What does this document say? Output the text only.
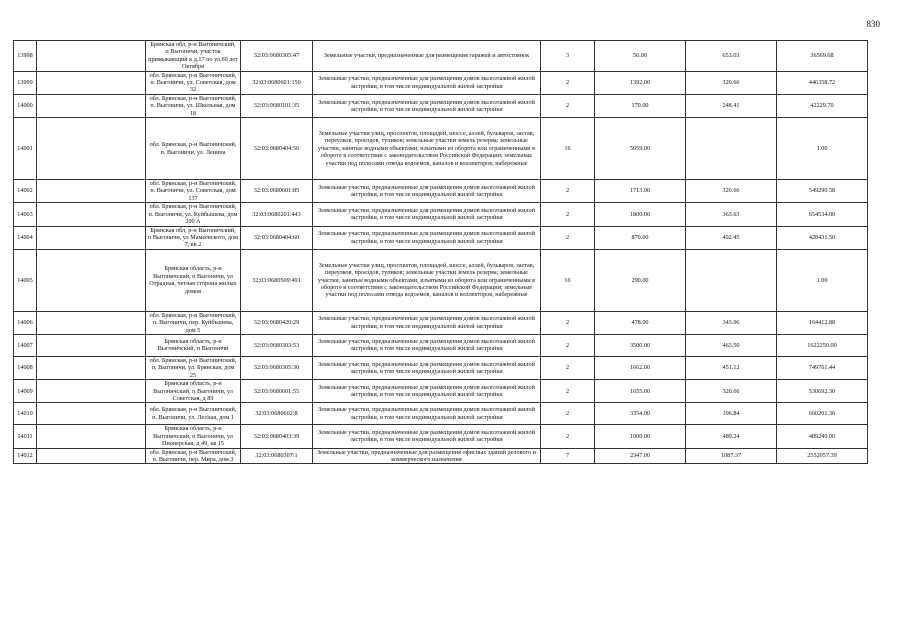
830
13998		Брянская обл, р-н Выгоничский, п Выгоничи, участок примыкающий к д.17 по ул.60 лет Октября	32:03:0680305:47	Земельные участки, предназначенные для размещения гаражей и автостоянок	3	56.00	653.03	36569.68
13999		обл. Брянская, р-н Выгоничский, п. Выгоничи, ул. Советская, дом 32	32:03:0680601:150	Земельные участки, предназначенные для размещения домов малоэтажной жилой застройки, в том числе индивидуальной жилой застройки	2	1392.00	320.66	446358.72
14000		обл. Брянская, р-н Выгоничский, п. Выгоничи, ул. Школьная, дом 18	32:03:0680101:35	Земельные участки, предназначенные для размещения домов малоэтажной жилой застройки, в том числе индивидуальной жилой застройки	2	170.00	248.41	42229.70
14001		обл. Брянская, р-н Выгоничский, п. Выгоничи, ул. Ленина	32:03:0680404:56	Земельные участки улиц, проспектов, площадей, шоссе, аллей, бульваров, застав, переулков, проездов, тупиков; земельные участки земель резерва; земельные участки, занятые водными объектами, изъятыми из оборота или ограниченными в обороте в соответствии с законодательством Российской Федерации; земельные участки под полосами отвода водоемов, каналов и коллекторов, набережные	16	5059.00		1.00
14002		обл. Брянская, р-н Выгоничский, п. Выгоничи, ул. Советская, дом 137	32:03:0680601:85	Земельные участки, предназначенные для размещения домов малоэтажной жилой застройки, в том числе индивидуальной жилой застройки	2	1713.00	320.66	549290.58
14003		обл. Брянская, р-н Выгоничский, п. Выгоничи, ул. Куйбышева, дом 200 А	32:03:0680201:443	Земельные участки, предназначенные для размещения домов малоэтажной жилой застройки, в том числе индивидуальной жилой застройки	2	1800.00	363.63	654534.00
14004		Брянская обл, р-н Выгоничский, п Выгоничи, ул Мамеевского, дом 7, кв 2	32:03:0680404:60	Земельные участки, предназначенные для размещения домов малоэтажной жилой застройки, в том числе индивидуальной жилой застройки	2	870.00	492.45	428431.50
14005		Брянская область, р-н Выгоничский, п Выгоничи, ул Отрадная, четная сторона жилых домов	32:03:0680509:491	Земельные участки улиц, проспектов, площадей, шоссе, аллей, бульваров, застав, переулков, проездов, тупиков; земельные участки земель резерва; земельные участки, занятые водными объектами, изъятыми из оборота или ограниченными в обороте в соответствии с законодательством Российской Федерации; земельные участки под полосами отвода водоемов, каналов и коллекторов, набережные	16	290.00		1.00
14006		обл. Брянская, р-н Выгоничский, п. Выгоничи, пер. Куйбышева, дом 5	32:03:0680420:29	Земельные участки, предназначенные для размещения домов малоэтажной жилой застройки, в том числе индивидуальной жилой застройки	2	478.00	343.96	164412.88
14007		Брянская область, р-н Выгоничский, п Выгоничи	32:03:0680303:53	Земельные участки, предназначенные для размещения домов малоэтажной жилой застройки, в том числе индивидуальной жилой застройки	2	3500.00	463.50	1622250.00
14008		обл. Брянская, р-н Выгоничский, п. Выгоничи, ул. Брянская, дом 25	32:03:0680305:30	Земельные участки, предназначенные для размещения домов малоэтажной жилой застройки, в том числе индивидуальной жилой застройки	2	1662.00	451.12	749761.44
14009		Брянская область, р-н Выгоничский, п Выгоничи, ул Советская, д 89	32:03:0680601:55	Земельные участки, предназначенные для размещения домов малоэтажной жилой застройки, в том числе индивидуальной жилой застройки	2	1655.00	320.66	530692.30
14010		обл. Брянская, р-н Выгоничский, п. Выгоничи, ул. Лесная, дом 1	32:03:0680602:8	Земельные участки, предназначенные для размещения домов малоэтажной жилой застройки, в том числе индивидуальной жилой застройки	2	3354.00	196.84	660201.36
14011		Брянская область, р-н Выгоничский, п Выгоничи, ул Пионерская, д 49, кв 15	32:03:0680403:39	Земельные участки, предназначенные для размещения домов малоэтажной жилой застройки, в том числе индивидуальной жилой застройки	2	1000.00	489.24	489240.00
14012		обл. Брянская, р-н Выгоничский, п. Выгоничи, пер. Мира, дом 3	32:03:0680307:1	Земельные участки, предназначенные для размещения офисных зданий делового и коммерческого назначения	7	2347.00	1087.37	2552057.39
